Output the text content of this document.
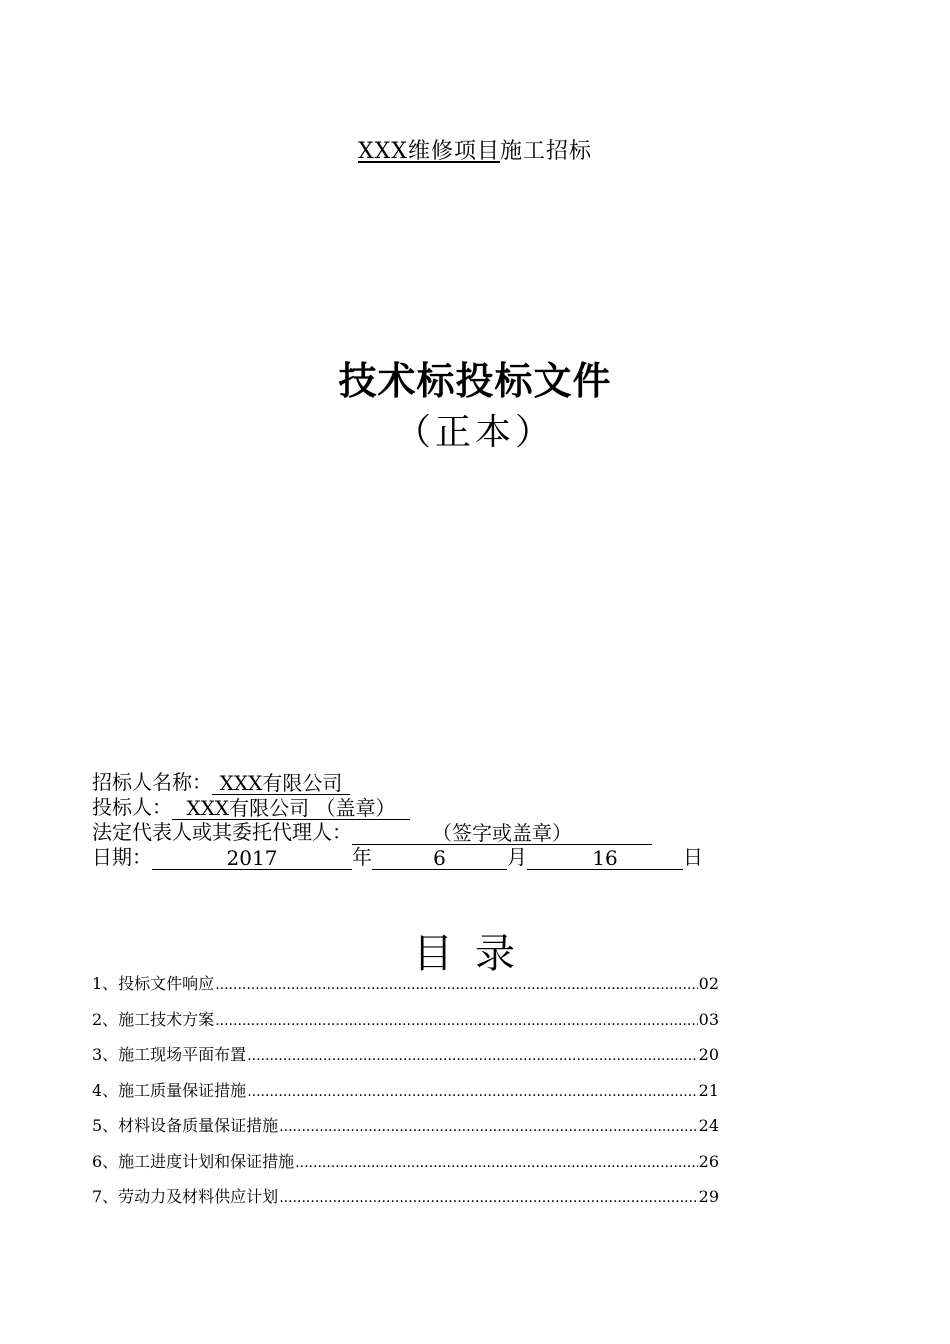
XXX维修项目施工招标
技术标投标文件
（正本）
招标人名称： XXX有限公司
投标人： XXX有限公司 （盖章）
法定代表人或其委托代理人：	（签字或盖章）
日期：	2017	年	6	月	16	日
目录
1、投标文件响应 .....	02
2、施工技术方案 .....	03
3、施工现场平面布置 .....	20
4、施工质量保证措施 .....	21
5、材料设备质量保证措施 .....	24
6、施工进度计划和保证措施 .....	26
7、劳动力及材料供应计划 .....	29
